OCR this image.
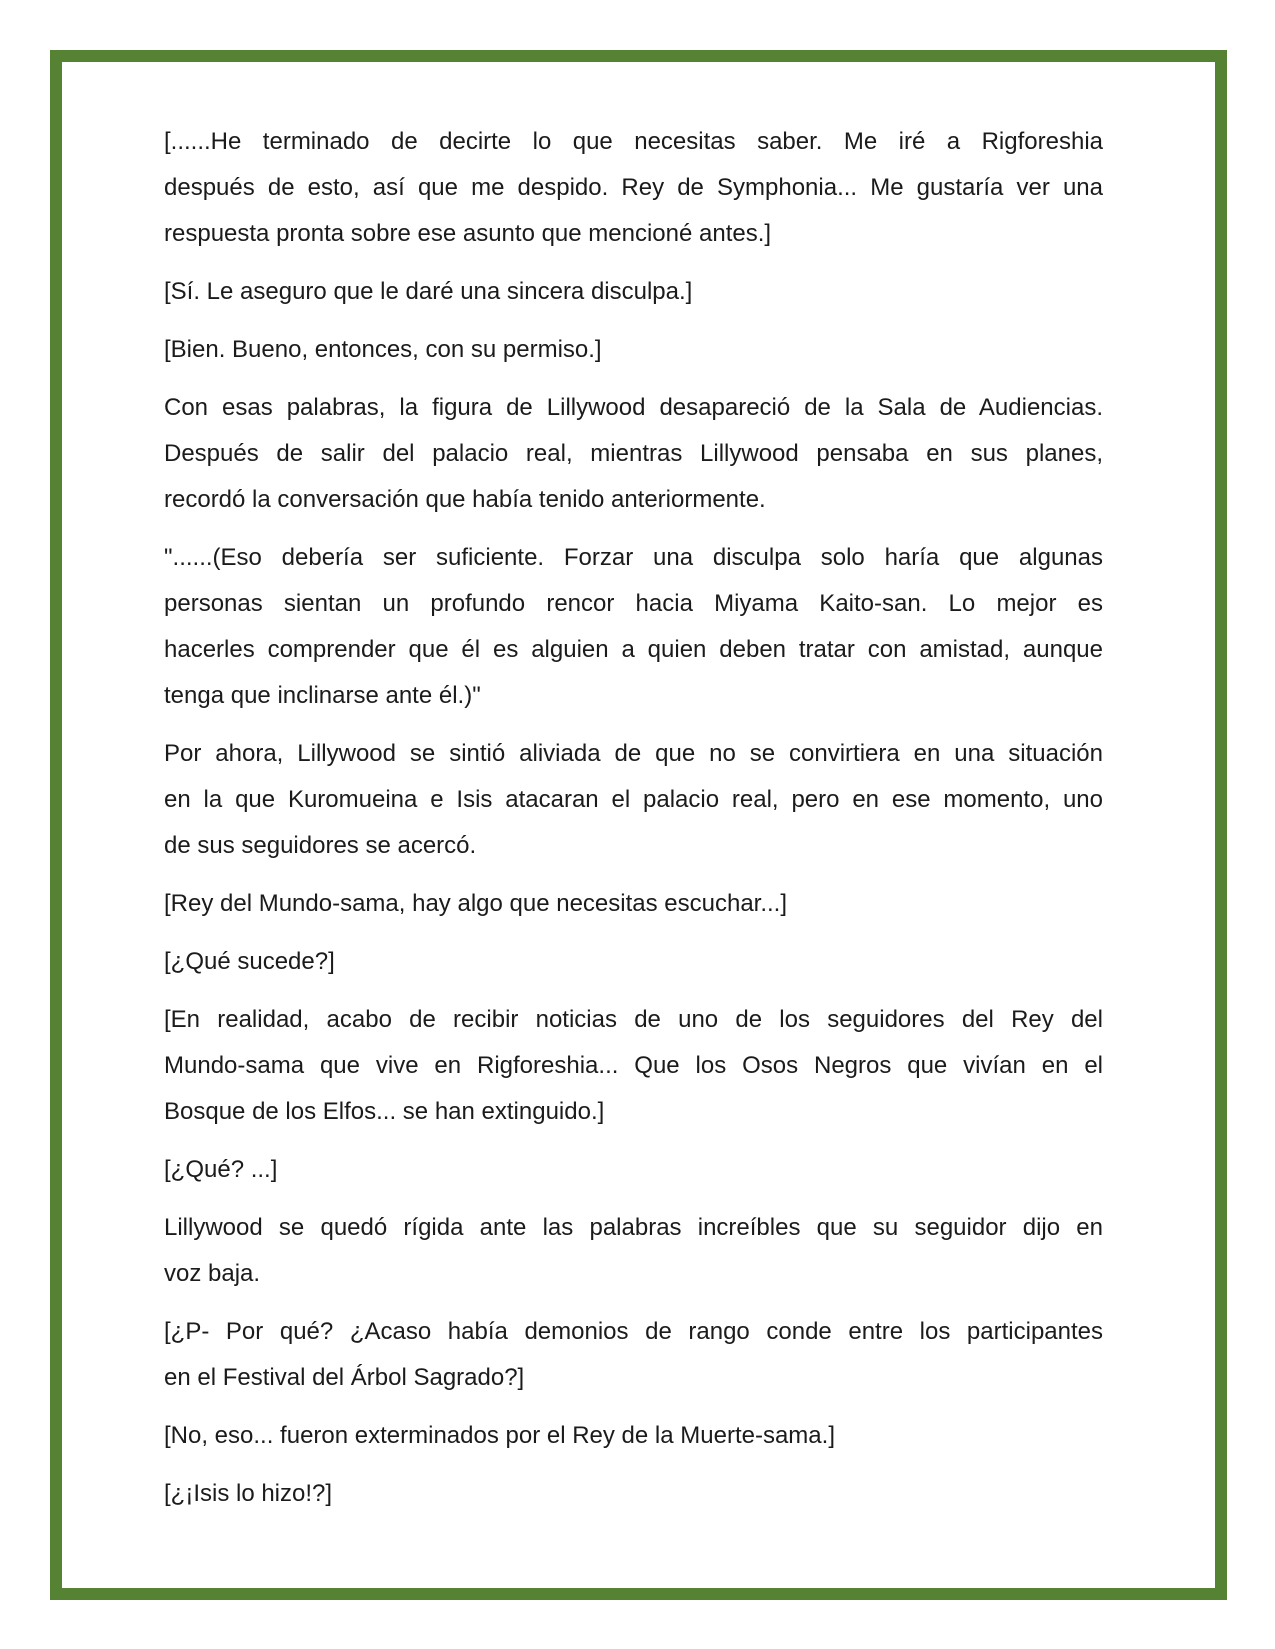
[......He terminado de decirte lo que necesitas saber. Me iré a Rigforeshia
después de esto, así que me despido. Rey de Symphonia... Me gustaría ver una
respuesta pronta sobre ese asunto que mencioné antes.]
[Sí. Le aseguro que le daré una sincera disculpa.]
[Bien. Bueno, entonces, con su permiso.]
Con esas palabras, la figura de Lillywood desapareció de la Sala de Audiencias.
Después de salir del palacio real, mientras Lillywood pensaba en sus planes,
recordó la conversación que había tenido anteriormente.
"......(Eso debería ser suficiente. Forzar una disculpa solo haría que algunas
personas sientan un profundo rencor hacia Miyama Kaito-san. Lo mejor es
hacerles comprender que él es alguien a quien deben tratar con amistad, aunque
tenga que inclinarse ante él.)"
Por ahora, Lillywood se sintió aliviada de que no se convirtiera en una situación
en la que Kuromueina e Isis atacaran el palacio real, pero en ese momento, uno
de sus seguidores se acercó.
[Rey del Mundo-sama, hay algo que necesitas escuchar...]
[¿Qué sucede?]
[En realidad, acabo de recibir noticias de uno de los seguidores del Rey del
Mundo-sama que vive en Rigforeshia... Que los Osos Negros que vivían en el
Bosque de los Elfos... se han extinguido.]
[¿Qué? ...]
Lillywood se quedó rígida ante las palabras increíbles que su seguidor dijo en
voz baja.
[¿P- Por qué? ¿Acaso había demonios de rango conde entre los participantes
en el Festival del Árbol Sagrado?]
[No, eso... fueron exterminados por el Rey de la Muerte-sama.]
[¿¡Isis lo hizo!?]
